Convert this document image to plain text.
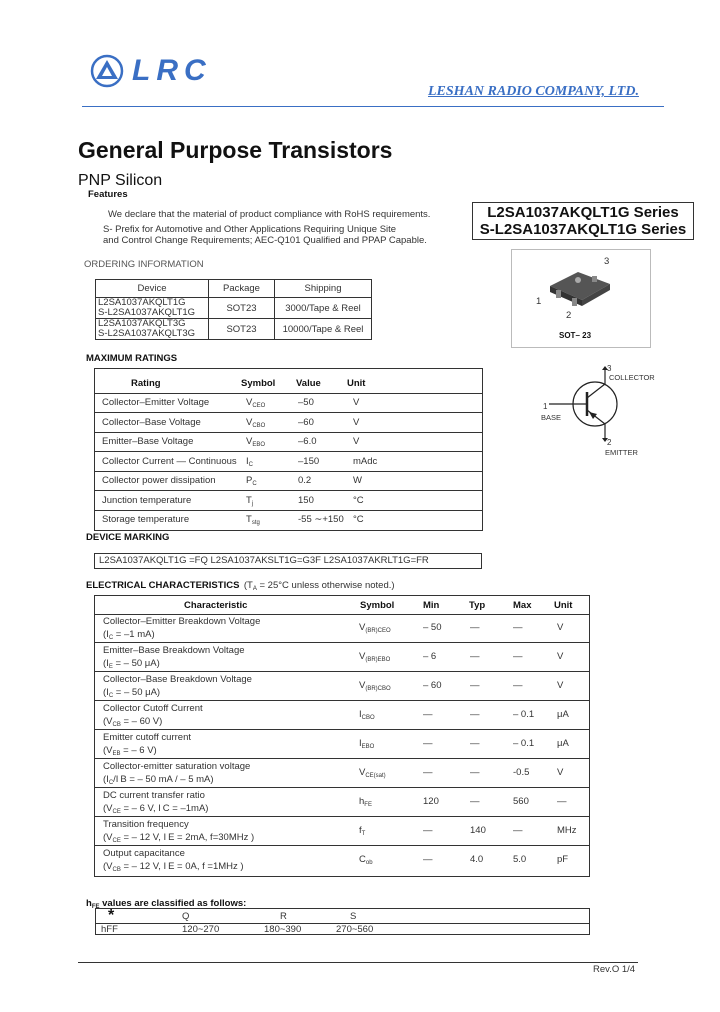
LRC
LESHAN RADIO COMPANY, LTD.
General Purpose Transistors
PNP Silicon
Features
We declare that the material of product compliance with RoHS requirements.
S- Prefix for Automotive and Other Applications Requiring Unique Site
and Control Change Requirements; AEC-Q101 Qualified and PPAP Capable.
L2SA1037AKQLT1G Series
S-L2SA1037AKQLT1G Series
ORDERING INFORMATION
Device	Package	Shipping

L2SA1037AKQLT1G
S-L2SA1037AKQLT1G	SOT23	3000/Tape & Reel

L2SA1037AKQLT3G
S-L2SA1037AKQLT3G	SOT23	10000/Tape & Reel
3
1
2
SOT– 23
3
COLLECTOR
1
BASE
2
EMITTER
MAXIMUM RATINGS
Rating	Symbol Value	Unit
Collector–Emitter Voltage	$V_{CEO}$	–50	V
Collector–Base Voltage	$V_{CBO}$	–60	V
Emitter–Base Voltage	$V_{EBO}$	–6.0	V
Collector Current — Continuous $I_C$	–150	mAdc
Collector power dissipation	$P_C$	0.2	W
Junction temperature	$T_j$	150	°C
Storage temperature	$T_{stg}$	-55 ∼+150 °C
DEVICE MARKING
L2SA1037AKQLT1G =FQ L2SA1037AKSLT1G=G3F L2SA1037AKRLT1G=FR
ELECTRICAL CHARACTERISTICS ($T_A = 25^\circ C$ unless otherwise noted.)
Characteristic	Symbol	Min	Typ	Max Unit
Collector–Emitter Breakdown Voltage
($I_C = -1$ mA)
$V_{(BR)CEO}$	– 50	—	—	V
Emitter–Base Breakdown Voltage
($I_E$ = – 50 μA)
$V_{(BR)EBO}$	– 6	—	—	V
Collector–Base Breakdown Voltage
($I_C$ = – 50 μA)
$V_{(BR)CBO}$	– 60	—	—	V
Collector Cutoff Current
($V_{CB}$ = – 60 V)
$I_{CBO}$	—	—	– 0.1 μA
Emitter cutoff current
($V_{EB}$ = – 6 V)
$I_{EBO}$	—	—	– 0.1 μA
Collector-emitter saturation voltage
($I_C/I$ B = – 50 mA / – 5 mA)
$V_{CE(sat)}$	—	—	-0.5	V
DC current transfer ratio
($V_{CE}$ = – 6 V, I C = –1mA)
$h_{FE}$	120	—	560	—
Transition frequency
($V_{CE}$ = – 12 V, I E = 2mA, f=30MHz )
$f_T$	—	140	—	MHz
Output capacitance
($V_{CB}$ = – 12 V, I E = 0A, f =1MHz )
$C_{ob}$	—	4.0	5.0	pF
$h_{FE}$ values are classified as follows:
*	Q	R	S
hFF	120~270	180~390	270~560
Rev.O 1/4
